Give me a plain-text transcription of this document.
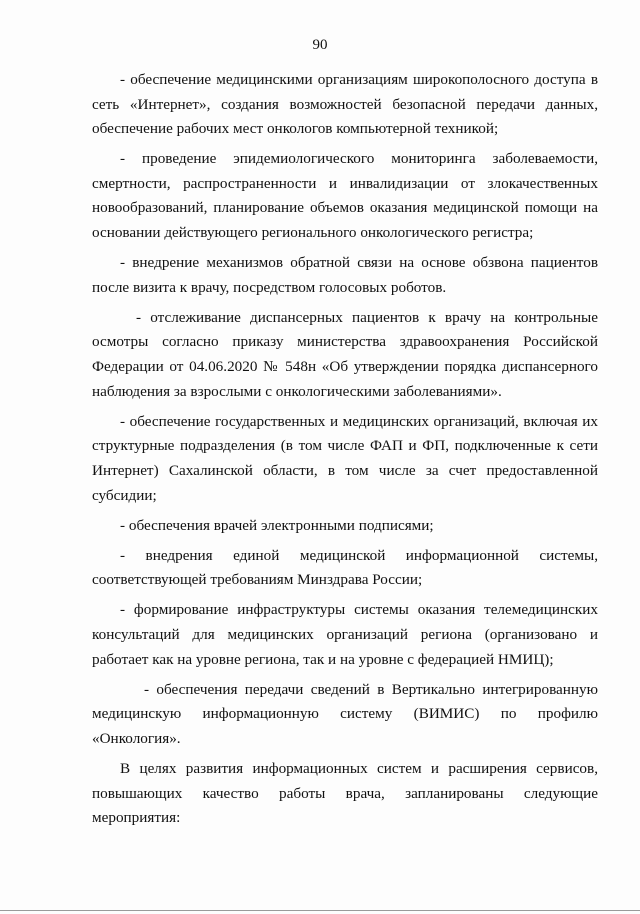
90

- обеспечение медицинскими организациям широкополосного доступа в сеть «Интернет», создания возможностей безопасной передачи данных, обеспечение рабочих мест онкологов компьютерной техникой;

- проведение эпидемиологического мониторинга заболеваемости, смертности, распространенности и инвалидизации от злокачественных новообразований, планирование объемов оказания медицинской помощи на основании действующего регионального онкологического регистра;

- внедрение механизмов обратной связи на основе обзвона пациентов после визита к врачу, посредством голосовых роботов.

- отслеживание диспансерных пациентов к врачу на контрольные осмотры согласно приказу министерства здравоохранения Российской Федерации от 04.06.2020 № 548н «Об утверждении порядка диспансерного наблюдения за взрослыми с онкологическими заболеваниями».

- обеспечение государственных и медицинских организаций, включая их структурные подразделения (в том числе ФАП и ФП, подключенные к сети Интернет) Сахалинской области, в том числе за счет предоставленной субсидии;

- обеспечения врачей электронными подписями;

- внедрения единой медицинской информационной системы, соответствующей требованиям Минздрава России;

- формирование инфраструктуры системы оказания телемедицинских консультаций для медицинских организаций региона (организовано и работает как на уровне региона, так и на уровне с федерацией НМИЦ);

- обеспечения передачи сведений в Вертикально интегрированную медицинскую информационную систему (ВИМИС) по профилю «Онкология».

В целях развития информационных систем и расширения сервисов, повышающих качество работы врача, запланированы следующие мероприятия:
